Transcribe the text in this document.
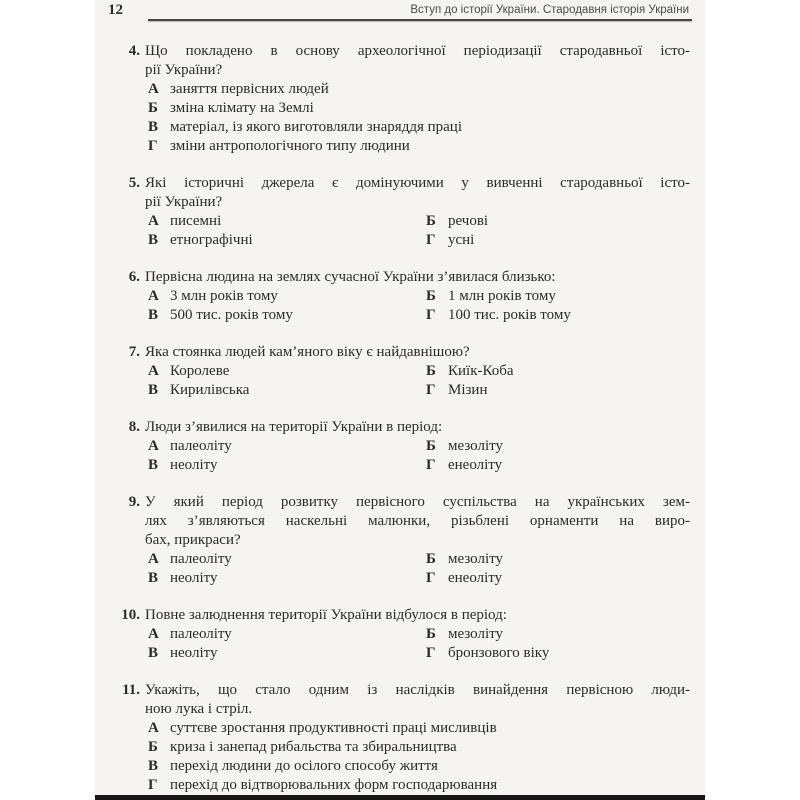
12	Вступ до історії України. Стародавня історія України
4. Що покладено в основу археологічної періодизації стародавньої істо-
рії України?
А заняття первісних людей
Б зміна клімату на Землі
В матеріал, із якого виготовляли знаряддя праці
Г зміни антропологічного типу людини
5. Які історичні джерела є домінуючими у вивченні стародавньої істо-
рії України?
А писемні	Б речові
В етнографічні	Г усні
6. Первісна людина на землях сучасної України з’явилася близько:
А 3 млн років тому	Б 1 млн років тому
В 500 тис. років тому	Г 100 тис. років тому
7. Яка стоянка людей кам’яного віку є найдавнішою?
А Королеве	Б Киїк-Коба
В Кирилівська	Г Мізин
8. Люди з’явилися на території України в період:
А палеоліту	Б мезоліту
В неоліту	Г енеоліту
9. У який період розвитку первісного суспільства на українських зем-
лях з’являються наскельні малюнки, різьблені орнаменти на виро-
бах, прикраси?
А палеоліту	Б мезоліту
В неоліту	Г енеоліту
10. Повне залюднення території України відбулося в період:
А палеоліту	Б мезоліту
В неоліту	Г бронзового віку
11. Укажіть, що стало одним із наслідків винайдення первісною люди-
ною лука і стріл.
А суттєве зростання продуктивності праці мисливців
Б криза і занепад рибальства та збиральництва
В перехід людини до осілого способу життя
Г перехід до відтворювальних форм господарювання
